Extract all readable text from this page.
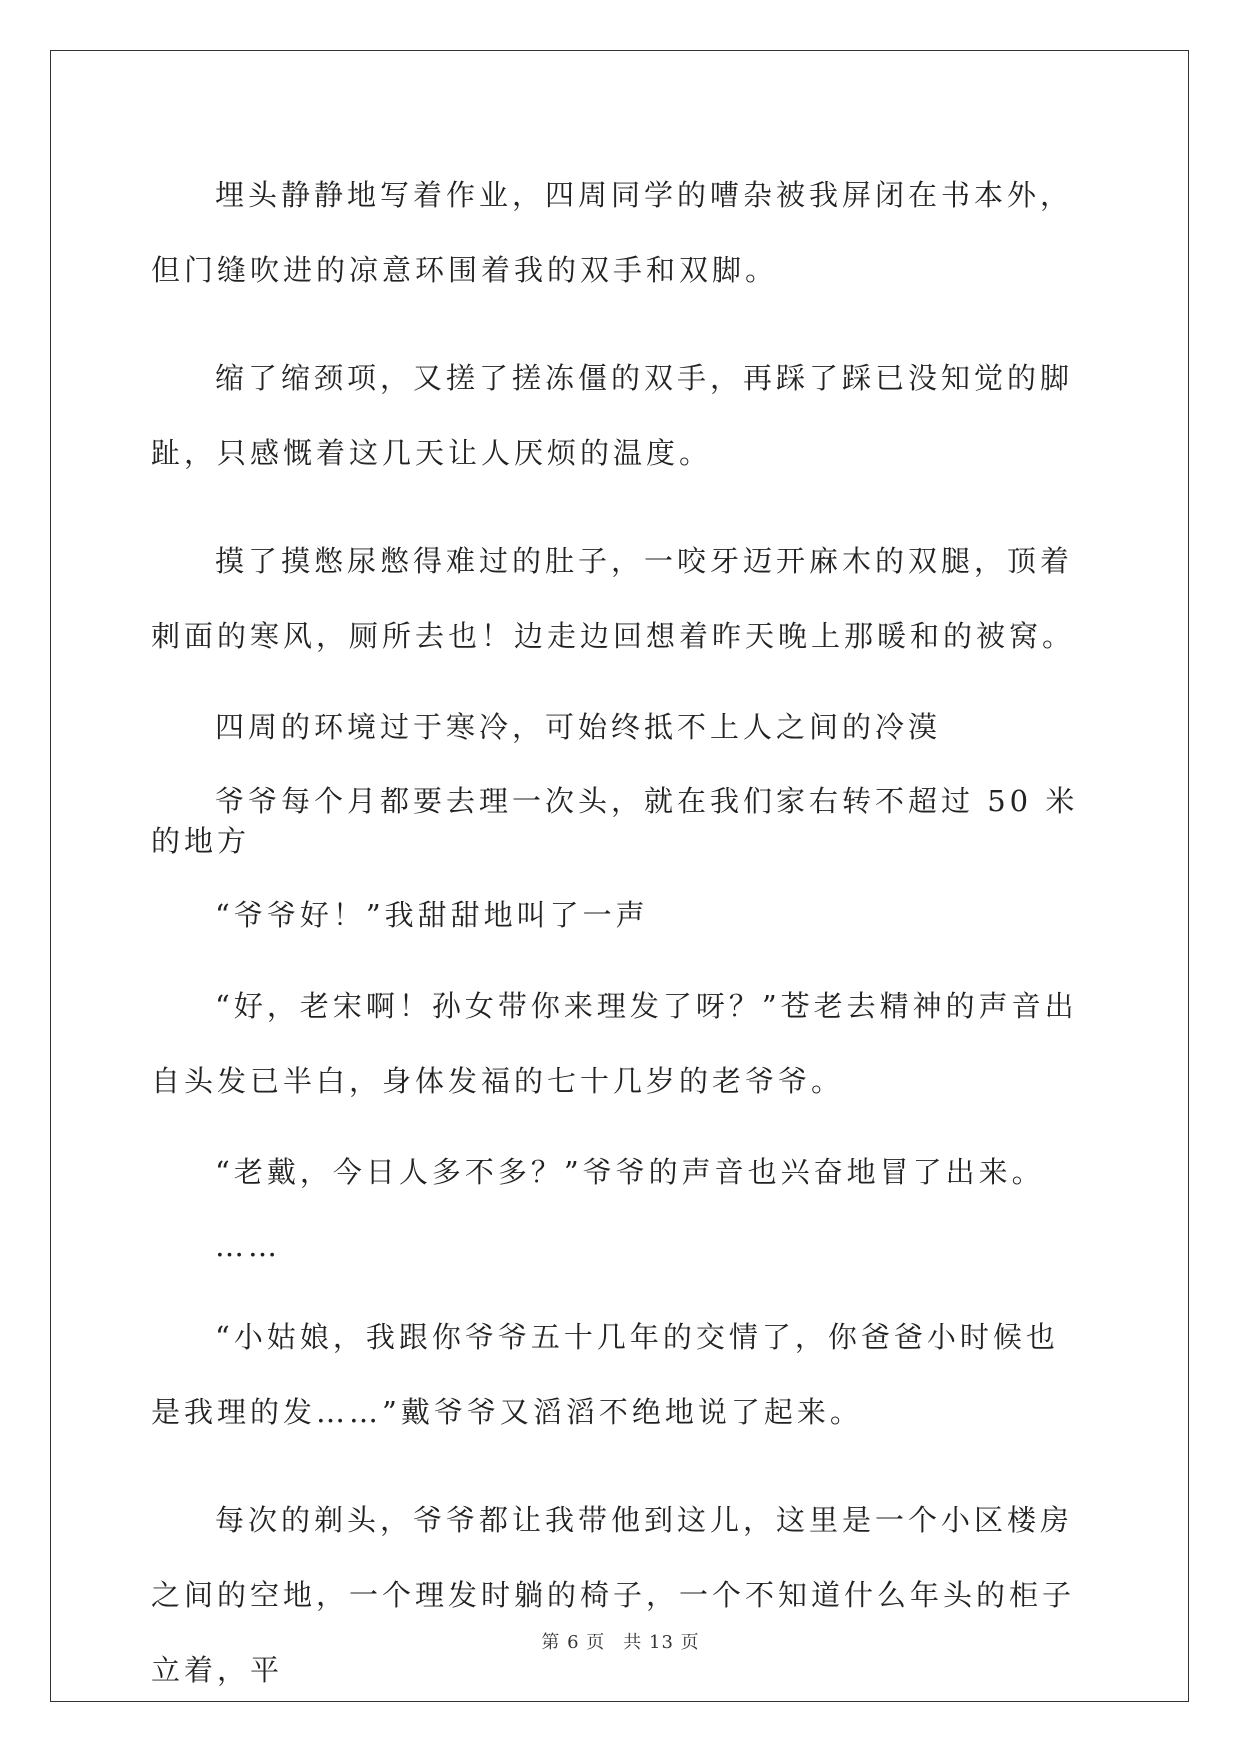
埋头静静地写着作业，四周同学的嘈杂被我屏闭在书本外，但门缝吹进的凉意环围着我的双手和双脚。

缩了缩颈项，又搓了搓冻僵的双手，再踩了踩已没知觉的脚趾，只感慨着这几天让人厌烦的温度。

摸了摸憋尿憋得难过的肚子，一咬牙迈开麻木的双腿，顶着刺面的寒风，厕所去也！边走边回想着昨天晚上那暖和的被窝。

四周的环境过于寒冷，可始终抵不上人之间的冷漠

爷爷每个月都要去理一次头，就在我们家右转不超过 50 米的地方

“爷爷好！”我甜甜地叫了一声

“好，老宋啊！孙女带你来理发了呀？”苍老去精神的声音出自头发已半白，身体发福的七十几岁的老爷爷。

“老戴，今日人多不多？”爷爷的声音也兴奋地冒了出来。

……

“小姑娘，我跟你爷爷五十几年的交情了，你爸爸小时候也是我理的发……”戴爷爷又滔滔不绝地说了起来。

每次的剃头，爷爷都让我带他到这儿，这里是一个小区楼房之间的空地，一个理发时躺的椅子，一个不知道什么年头的柜子立着，平

第 6 页 共 13 页
